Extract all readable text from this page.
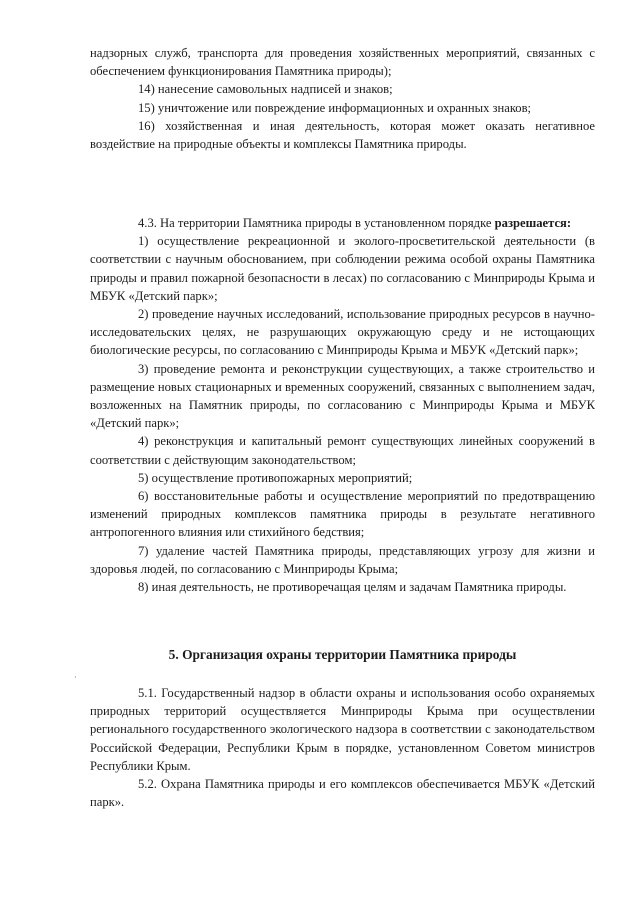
надзорных служб, транспорта для проведения хозяйственных мероприятий, связанных с обеспечением функционирования Памятника природы);

14) нанесение самовольных надписей и знаков;

15) уничтожение или повреждение информационных и охранных знаков;

16) хозяйственная и иная деятельность, которая может оказать негативное воздействие на природные объекты и комплексы Памятника природы.

4.3. На территории Памятника природы в установленном порядке разрешается:

1) осуществление рекреационной и эколого-просветительской деятельности (в соответствии с научным обоснованием, при соблюдении режима особой охраны Памятника природы и правил пожарной безопасности в лесах) по согласованию с Минприроды Крыма и МБУК «Детский парк»;

2) проведение научных исследований, использование природных ресурсов в научно-исследовательских целях, не разрушающих окружающую среду и не истощающих биологические ресурсы, по согласованию с Минприроды Крыма и МБУК «Детский парк»;

3) проведение ремонта и реконструкции существующих, а также строительство и размещение новых стационарных и временных сооружений, связанных с выполнением задач, возложенных на Памятник природы, по согласованию с Минприроды Крыма и МБУК «Детский парк»;

4) реконструкция и капитальный ремонт существующих линейных сооружений в соответствии с действующим законодательством;

5) осуществление противопожарных мероприятий;

6) восстановительные работы и осуществление мероприятий по предотвращению изменений природных комплексов памятника природы в результате негативного антропогенного влияния или стихийного бедствия;

7) удаление частей Памятника природы, представляющих угрозу для жизни и здоровья людей, по согласованию с Минприроды Крыма;

8) иная деятельность, не противоречащая целям и задачам Памятника природы.

·
5. Организация охраны территории Памятника природы

5.1. Государственный надзор в области охраны и использования особо охраняемых природных территорий осуществляется Минприроды Крыма при осуществлении регионального государственного экологического надзора в соответствии с законодательством Российской Федерации, Республики Крым в порядке, установленном Советом министров Республики Крым.

5.2. Охрана Памятника природы и его комплексов обеспечивается МБУК «Детский парк».
